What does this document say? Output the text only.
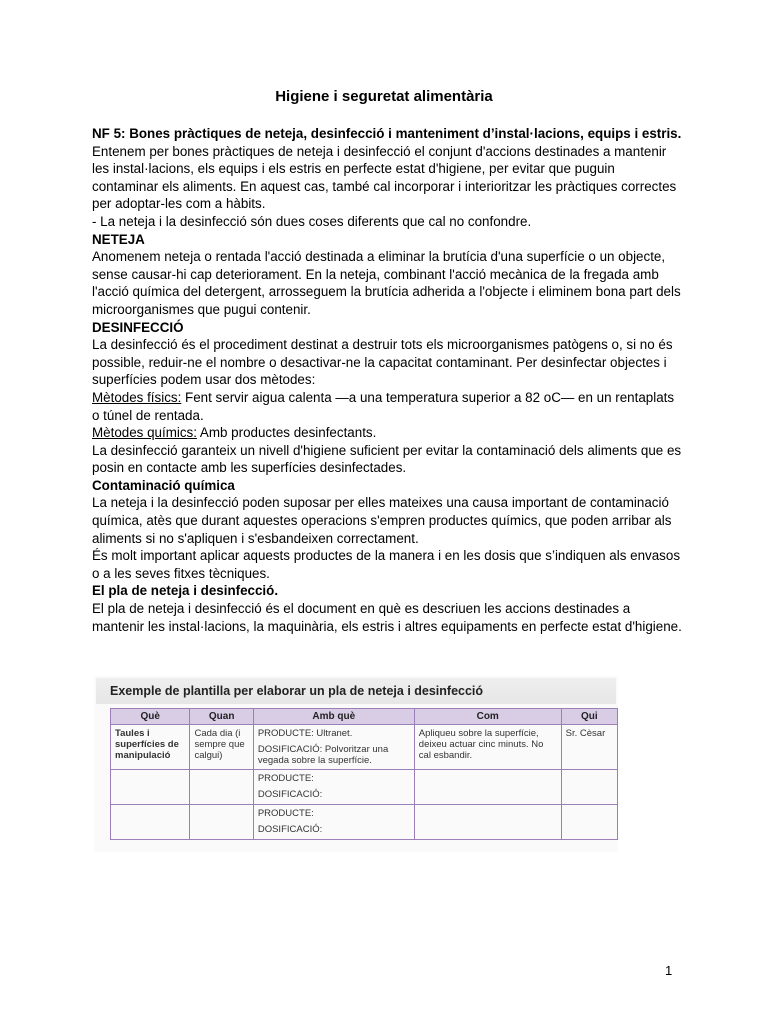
Higiene i seguretat alimentària

NF 5: Bones pràctiques de neteja, desinfecció i manteniment d’instal·lacions, equips i estris.

Entenem per bones pràctiques de neteja i desinfecció el conjunt d'accions destinades a mantenir les instal·lacions, els equips i els estris en perfecte estat d'higiene, per evitar que puguin contaminar els aliments. En aquest cas, també cal incorporar i interioritzar les pràctiques correctes per adoptar-les com a hàbits.

- La neteja i la desinfecció són dues coses diferents que cal no confondre.

NETEJA

Anomenem neteja o rentada l'acció destinada a eliminar la brutícia d'una superfície o un objecte, sense causar-hi cap deteriorament. En la neteja, combinant l'acció mecànica de la fregada amb l'acció química del detergent, arrosseguem la brutícia adherida a l'objecte i eliminem bona part dels microorganismes que pugui contenir.

DESINFECCIÓ

La desinfecció és el procediment destinat a destruir tots els microorganismes patògens o, si no és possible, reduir-ne el nombre o desactivar-ne la capacitat contaminant. Per desinfectar objectes i superfícies podem usar dos mètodes:

Mètodes físics: Fent servir aigua calenta —a una temperatura superior a 82 oC— en un rentaplats o túnel de rentada.

Mètodes químics: Amb productes desinfectants.

La desinfecció garanteix un nivell d'higiene suficient per evitar la contaminació dels aliments que es posin en contacte amb les superfícies desinfectades.

Contaminació química

La neteja i la desinfecció poden suposar per elles mateixes una causa important de contaminació química, atès que durant aquestes operacions s'empren productes químics, que poden arribar als aliments si no s'apliquen i s'esbandeixen correctament.

És molt important aplicar aquests productes de la manera i en les dosis que s’indiquen als envasos o a les seves fitxes tècniques.

El pla de neteja i desinfecció.

El pla de neteja i desinfecció és el document en què es descriuen les accions destinades a mantenir les instal·lacions, la maquinària, els estris i altres equipaments en perfecte estat d'higiene.

Exemple de plantilla per elaborar un pla de neteja i desinfecció
Què	Quan	Amb què	Com	Qui
Taules i superfícies de manipulació	Cada dia (i sempre que calgui)	PRODUCTE: Ultranet.
DOSIFICACIÓ: Polvoritzar una vegada sobre la superfície.	Apliqueu sobre la superfície, deixeu actuar cinc minuts. No cal esbandir.	Sr. Cèsar

		PRODUCTE:
DOSIFICACIÓ:		

		PRODUCTE:
DOSIFICACIÓ:		
1
